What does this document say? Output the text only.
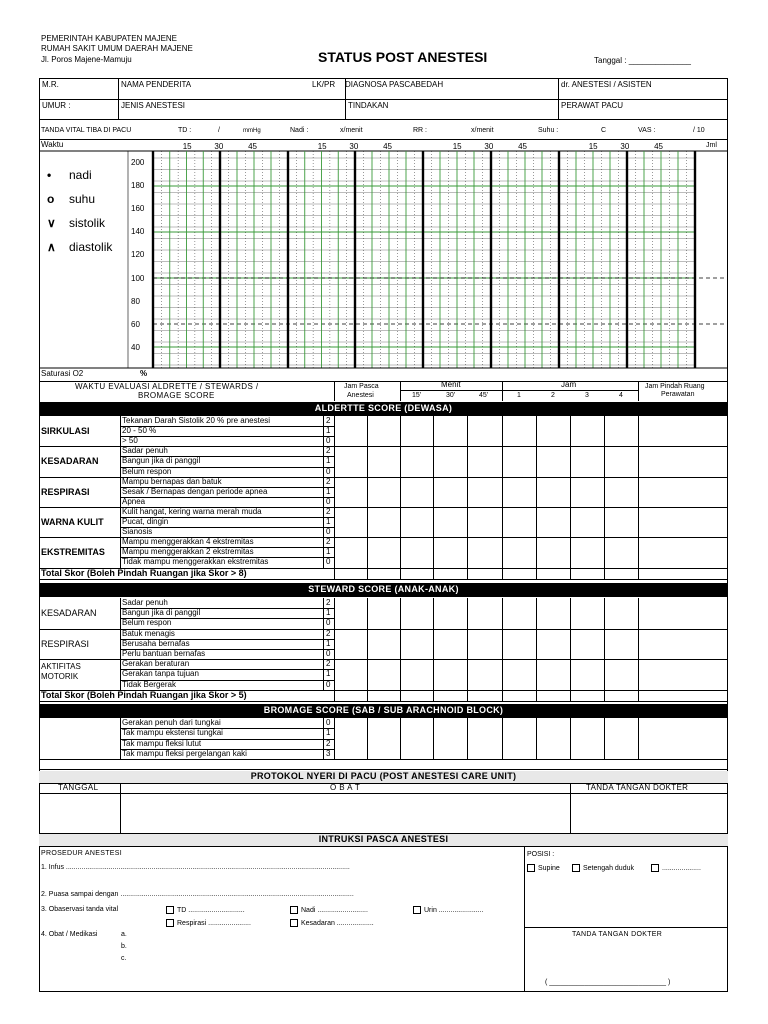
PEMERINTAH KABUPATEN MAJENE
RUMAH SAKIT UMUM DAERAH MAJENE
Jl. Poros Majene-Mamuju	STATUS POST ANESTESI	Tanggal : ______________
M.R.	NAMA PENDERITA	LK/PR DIAGNOSA PASCABEDAH	dr. ANESTESI / ASISTEN
UMUR :	JENIS ANESTESI	TINDAKAN	PERAWAT PACU
TANDA VITAL TIBA DI PACU	TD :	/	mmHg	Nadi :	x/menit	RR :	x/menit	Suhu :	C	VAS :	/ 10
Waktu	Jml
15	30	45	15	30	45	15	30	45	15	30	45
200
180
160
140
120
100
80
60
40
• nadi
o suhu
∨ sistolik
∧ diastolik
Saturasi O2	%
WAKTU EVALUASI ALDRETTE / STEWARDS /
BROMAGE SCORE
Jam Pasca
Anestesi
Menit	Jam	Jam Pindah Ruang
Perawatan
15'	30'	45'	1	2	3	4
ALDERTTE SCORE (DEWASA)
Tekanan Darah Sistolik 20 % pre anestesi	2
20 - 50 %	1
> 50	0
SIRKULASI
Sadar penuh	2
Bangun jika di panggil	1
Belum respon	0
KESADARAN
Mampu bernapas dan batuk	2
Sesak / Bernapas dengan periode apnea	1
Apnea	0
RESPIRASI
Kulit hangat, kering warna merah muda	2
Pucat, dingin	1
Sianosis	0
WARNA KULIT
Mampu menggerakkan 4 ekstremitas	2
Mampu menggerakkan 2 ekstremitas	1
Tidak mampu menggerakkan ekstremitas	0
EKSTREMITAS
Total Skor (Boleh Pindah Ruangan jika Skor > 8)
STEWARD SCORE (ANAK-ANAK)
Sadar penuh	2
Bangun jika di panggil	1
Belum respon	0
KESADARAN
Batuk menagis	2
Berusaha bernafas	1
Perlu bantuan bernafas	0
RESPIRASI
Gerakan beraturan	2
Gerakan tanpa tujuan	1
Tidak Bergerak	0
AKTIFITAS
MOTORIK
Total Skor (Boleh Pindah Ruangan jika Skor > 5)
BROMAGE SCORE (SAB / SUB ARACHNOID BLOCK)
Gerakan penuh dari tungkai	0
Tak mampu ekstensi tungkai	1
Tak mampu fleksi lutut	2
Tak mampu fleksi pergelangan kaki	3
PROTOKOL NYERI DI PACU (POST ANESTESI CARE UNIT)
TANGGAL	O B A T	TANDA TANGAN DOKTER
INTRUKSI PASCA ANESTESI
PROSEDUR ANESTESI
1. Infus ..................................................................................................................................................
2. Puasa sampai dengan ........................................................................................................................
3. Obaservasi tanda vital	TD .............................	Nadi ..........................	Urin .......................
Respirasi ......................	Kesadaran ...................
4. Obat / Medikasi	a.
b.
c.
POSISI :
Supine	Setengah duduk	....................
TANDA TANGAN DOKTER
( ______________________________ )
